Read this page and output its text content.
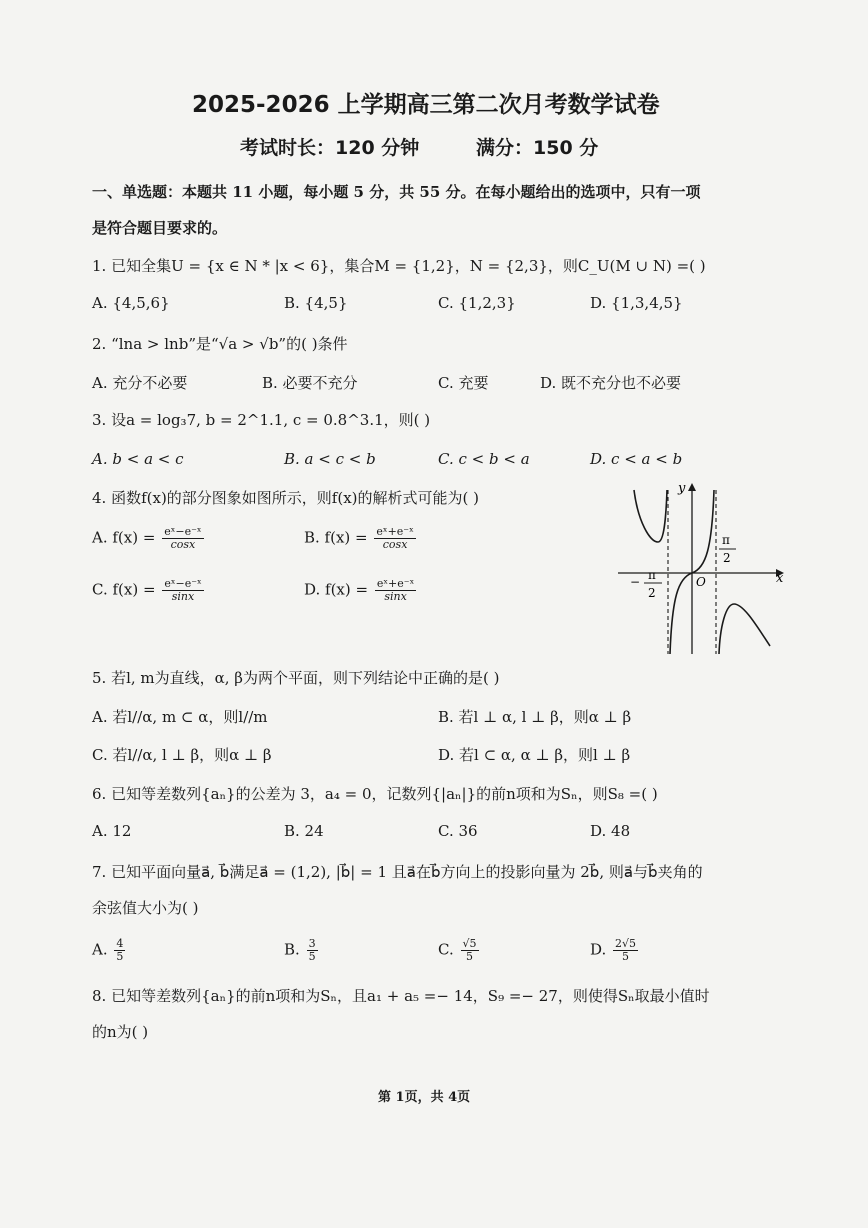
2025-2026 上学期高三第二次月考数学试卷
考试时长：120 分钟	满分：150 分
一、单选题：本题共 11 小题，每小题 5 分，共 55 分。在每小题给出的选项中，只有一项
是符合题目要求的。
1. 已知全集U = {x ∈ N * |x < 6}，集合M = {1,2}，N = {2,3}，则C_U(M ∪ N) =( )
A. {4,5,6}	B. {4,5}	C. {1,2,3}	D. {1,3,4,5}
2. “lna > lnb”是“√a > √b”的( )条件
A. 充分不必要	B. 必要不充分	C. 充要	D. 既不充分也不必要
3. 设a = log₃7, b = 2^1.1, c = 0.8^3.1，则( )
A. b < a < c	B. a < c < b	C. c < b < a	D. c < a < b
4. 函数f(x)的部分图象如图所示，则f(x)的解析式可能为( )
A. $f(x) = \frac{\text{eˣ−e⁻ˣ}}{\cos x}$	B. $f(x) = \frac{\text{eˣ+e⁻ˣ}}{\cos x}$
C. $f(x) = \frac{\text{eˣ−e⁻ˣ}}{\sin x}$	D. $f(x) = \frac{\text{eˣ+e⁻ˣ}}{\sin x}$
y
x
O
π
2
− π
2
5. 若l, m为直线，α, β为两个平面，则下列结论中正确的是( )
A. 若l//α, m ⊂ α，则l//m	B. 若l ⊥ α, l ⊥ β，则α ⊥ β
C. 若l//α, l ⊥ β，则α ⊥ β	D. 若l ⊂ α, α ⊥ β，则l ⊥ β
6. 已知等差数列{aₙ}的公差为 3，a₄ = 0，记数列{|aₙ|}的前n项和为Sₙ，则S₈ =( )
A. 12	B. 24	C. 36	D. 48
7. 已知平面向量a⃗, b⃗满足a⃗ = (1,2), |b⃗| = 1 且a⃗在b⃗方向上的投影向量为 2b⃗, 则a⃗与b⃗夹角的
余弦值大小为( )
A. $\frac{4}{5}$	B. $\frac{3}{5}$	C. $\frac{√5}{5}$	D. $\frac{2√5}{5}$
8. 已知等差数列{aₙ}的前n项和为Sₙ，且a₁ + a₅ =− 14，S₉ =− 27，则使得Sₙ取最小值时
的n为( )
第 1页，共 4页
